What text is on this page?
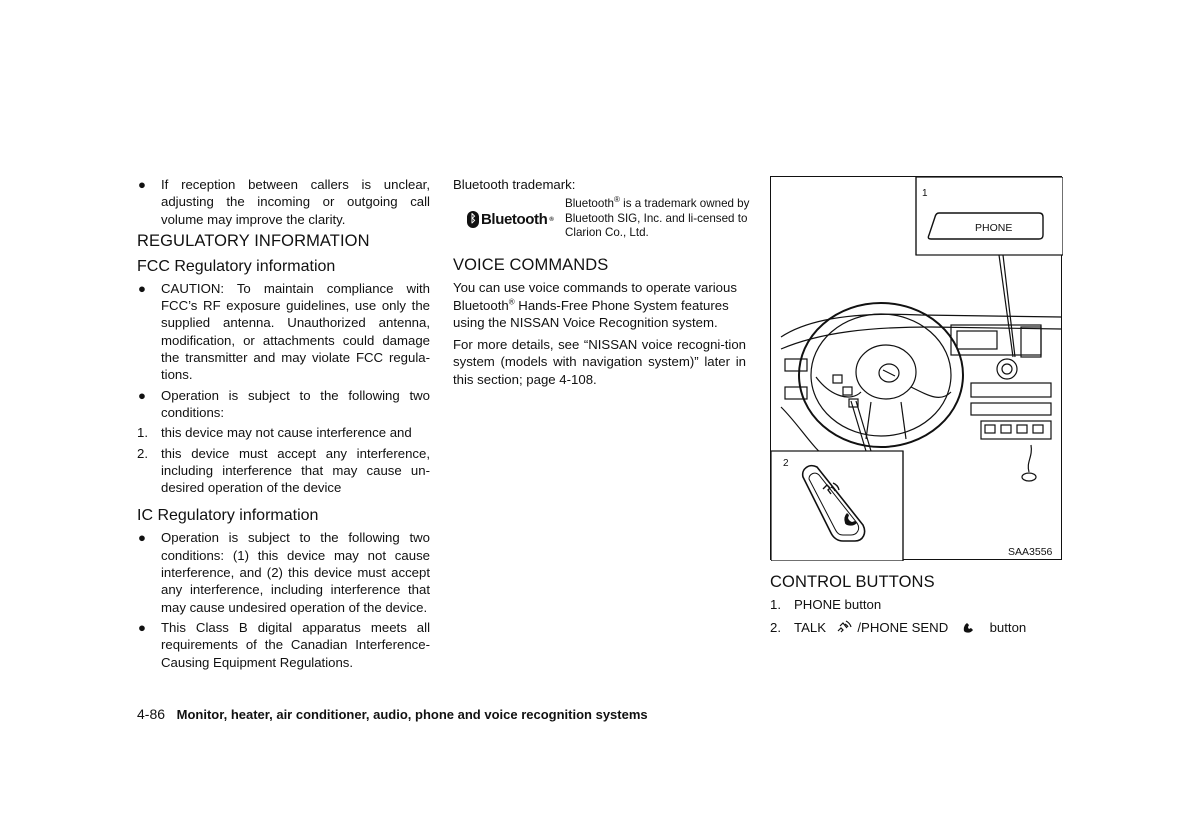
● If reception between callers is unclear, adjusting the incoming or outgoing call volume may improve the clarity.
REGULATORY INFORMATION
FCC Regulatory information
● CAUTION: To maintain compliance with FCC’s RF exposure guidelines, use only the supplied antenna. Unauthorized antenna, modification, or attachments could damage the transmitter and may violate FCC regula-tions.
● Operation is subject to the following two conditions:
1. this device may not cause interference and
2. this device must accept any interference, including interference that may cause un-desired operation of the device
IC Regulatory information
● Operation is subject to the following two conditions: (1) this device may not cause interference, and (2) this device must accept any interference, including interference that may cause undesired operation of the device.
● This Class B digital apparatus meets all requirements of the Canadian Interference-Causing Equipment Regulations.
Bluetooth trademark:
ᛒ Bluetooth ®
Bluetooth® is a trademark owned by Bluetooth SIG, Inc. and li-censed to Clarion Co., Ltd.
VOICE COMMANDS

You can use voice commands to operate various Bluetooth® Hands-Free Phone System features using the NISSAN Voice Recognition system.

For more details, see “NISSAN voice recogni-tion system (models with navigation system)” later in this section; page 4-108.

1
2
PHONE
SAA3556
CONTROL BUTTONS
1. PHONE button
2. TALK /PHONE SEND	button
4-86 Monitor, heater, air conditioner, audio, phone and voice recognition systems
